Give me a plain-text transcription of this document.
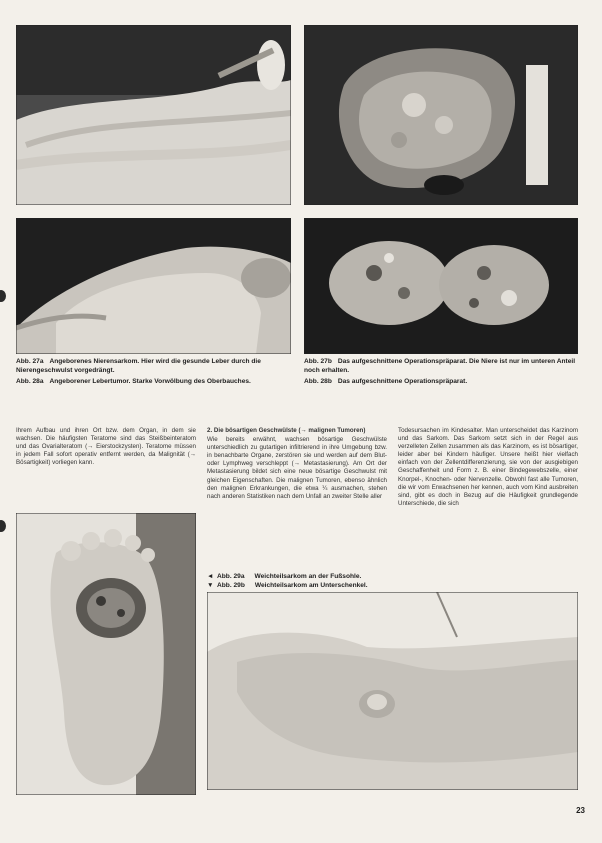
Abb. 27a Angeborenes Nierensarkom. Hier wird die gesunde Leber durch die Nierengeschwulst vorgedrängt.
Abb. 28a Angeborener Lebertumor. Starke Vorwölbung des Oberbauches.
Abb. 27b Das aufgeschnittene Operationspräparat. Die Niere ist nur im unteren Anteil noch erhalten.
Abb. 28b Das aufgeschnittene Operationspräparat.

Ihrem Aufbau und ihren Ort bzw. dem Organ, in dem sie wachsen. Die häufigsten Teratome sind das Steißbeinteratom und das Ovarialteratom (→ Eierstockzysten). Teratome müssen in jedem Fall sofort operativ entfernt werden, da Malignität (→ Bösartigkeit) vorliegen kann.

2. Die bösartigen Geschwülste (→ malignen Tumoren)

Wie bereits erwähnt, wachsen bösartige Geschwülste unterschiedlich zu gutartigen infiltrierend in ihre Umgebung bzw. in benachbarte Organe, zerstören sie und werden auf dem Blut- oder Lymphweg verschleppt (→ Metastasierung). Am Ort der Metastasierung bildet sich eine neue bösartige Geschwulst mit gleichen Eigenschaften. Die malignen Tumoren, ebenso ähnlich den malignen Erkrankungen, die etwa ¼ ausmachen, stehen nach anderen Statistiken nach dem Unfall an zweiter Stelle aller

Todesursachen im Kindesalter. Man unterscheidet das Karzinom und das Sarkom. Das Sarkom setzt sich in der Regel aus verzelleten Zellen zusammen als das Karzinom, es ist bösartiger, leider aber bei Kindern häufiger. Unsere heißt hier vielfach einfach von der Zellentdifferenzierung, sie von der ausgiebigen Geschaffenheit und Form z. B. einer Bindegewebszelle, einer Knorpel-, Knochen- oder Nervenzelle. Obwohl fast alle Tumoren, die wir vom Erwachsenen her kennen, auch vom Kind ausbreiten sind, gibt es doch in Bezug auf die Häufigkeit grundlegende Unterschiede, die sich

◄ Abb. 29a Weichteilsarkom an der Fußsohle.
▼ Abb. 29b Weichteilsarkom am Unterschenkel.
23
